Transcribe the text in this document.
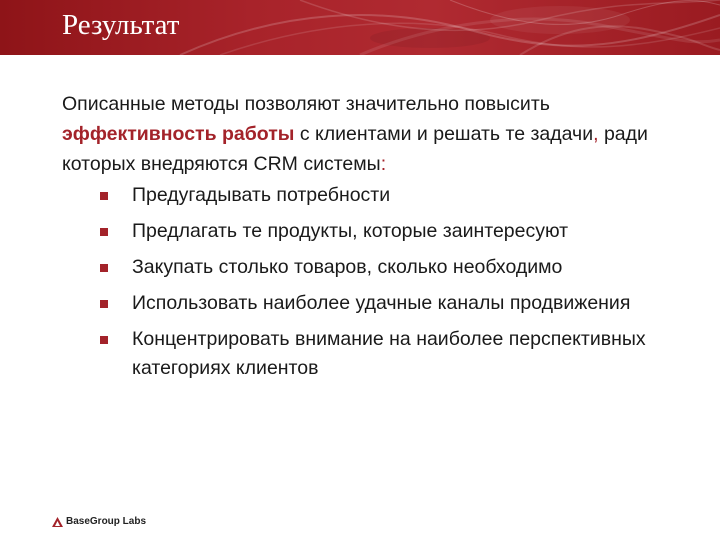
Результат
Описанные методы позволяют значительно повысить эффективность работы с клиентами и решать те задачи, ради которых внедряются CRM системы:
Предугадывать потребности
Предлагать те продукты, которые заинтересуют
Закупать столько товаров, сколько необходимо
Использовать наиболее удачные каналы продвижения
Концентрировать внимание на наиболее перспективных категориях клиентов
BaseGroup Labs
